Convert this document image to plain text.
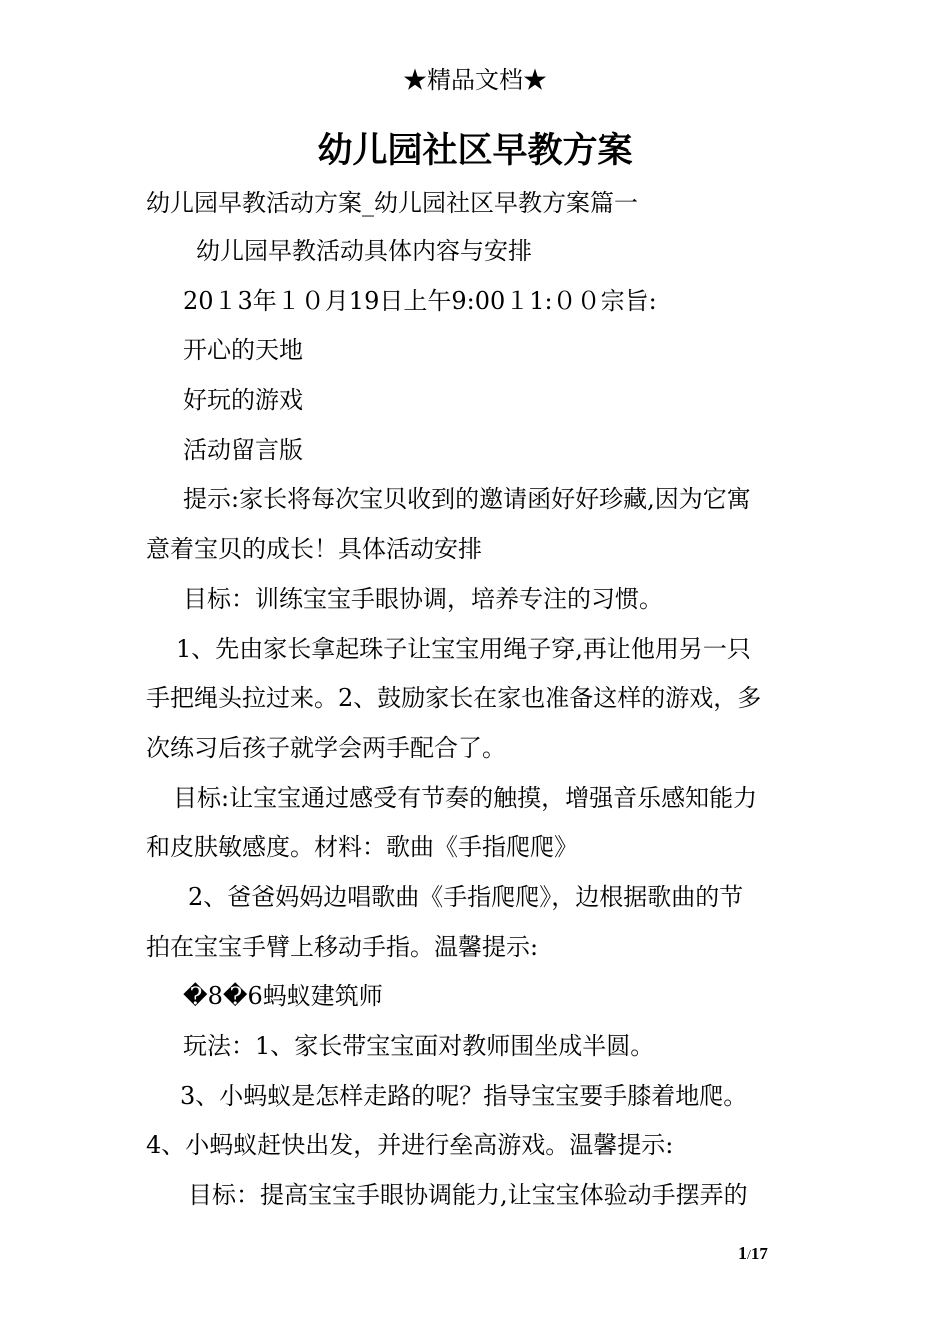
★精品文档★
幼儿园社区早教方案
幼儿园早教活动方案_幼儿园社区早教方案篇一
幼儿园早教活动具体内容与安排
20１3年１０月19日上午9:00１1:００宗旨:
开心的天地
好玩的游戏
活动留言版
提示:家长将每次宝贝收到的邀请函好好珍藏,因为它寓
意着宝贝的成长！具体活动安排
目标：训练宝宝手眼协调，培养专注的习惯。
1、先由家长拿起珠子让宝宝用绳子穿,再让他用另一只
手把绳头拉过来。2、鼓励家长在家也准备这样的游戏，多
次练习后孩子就学会两手配合了。
目标:让宝宝通过感受有节奏的触摸，增强音乐感知能力
和皮肤敏感度。材料：歌曲《手指爬爬》
2、爸爸妈妈边唱歌曲《手指爬爬》，边根据歌曲的节
拍在宝宝手臂上移动手指。温馨提示:
�8�6蚂蚁建筑师
玩法：1、家长带宝宝面对教师围坐成半圆。
3、小蚂蚁是怎样走路的呢？指导宝宝要手膝着地爬。
4、小蚂蚁赶快出发，并进行垒高游戏。温馨提示:
目标：提高宝宝手眼协调能力,让宝宝体验动手摆弄的
1/17
